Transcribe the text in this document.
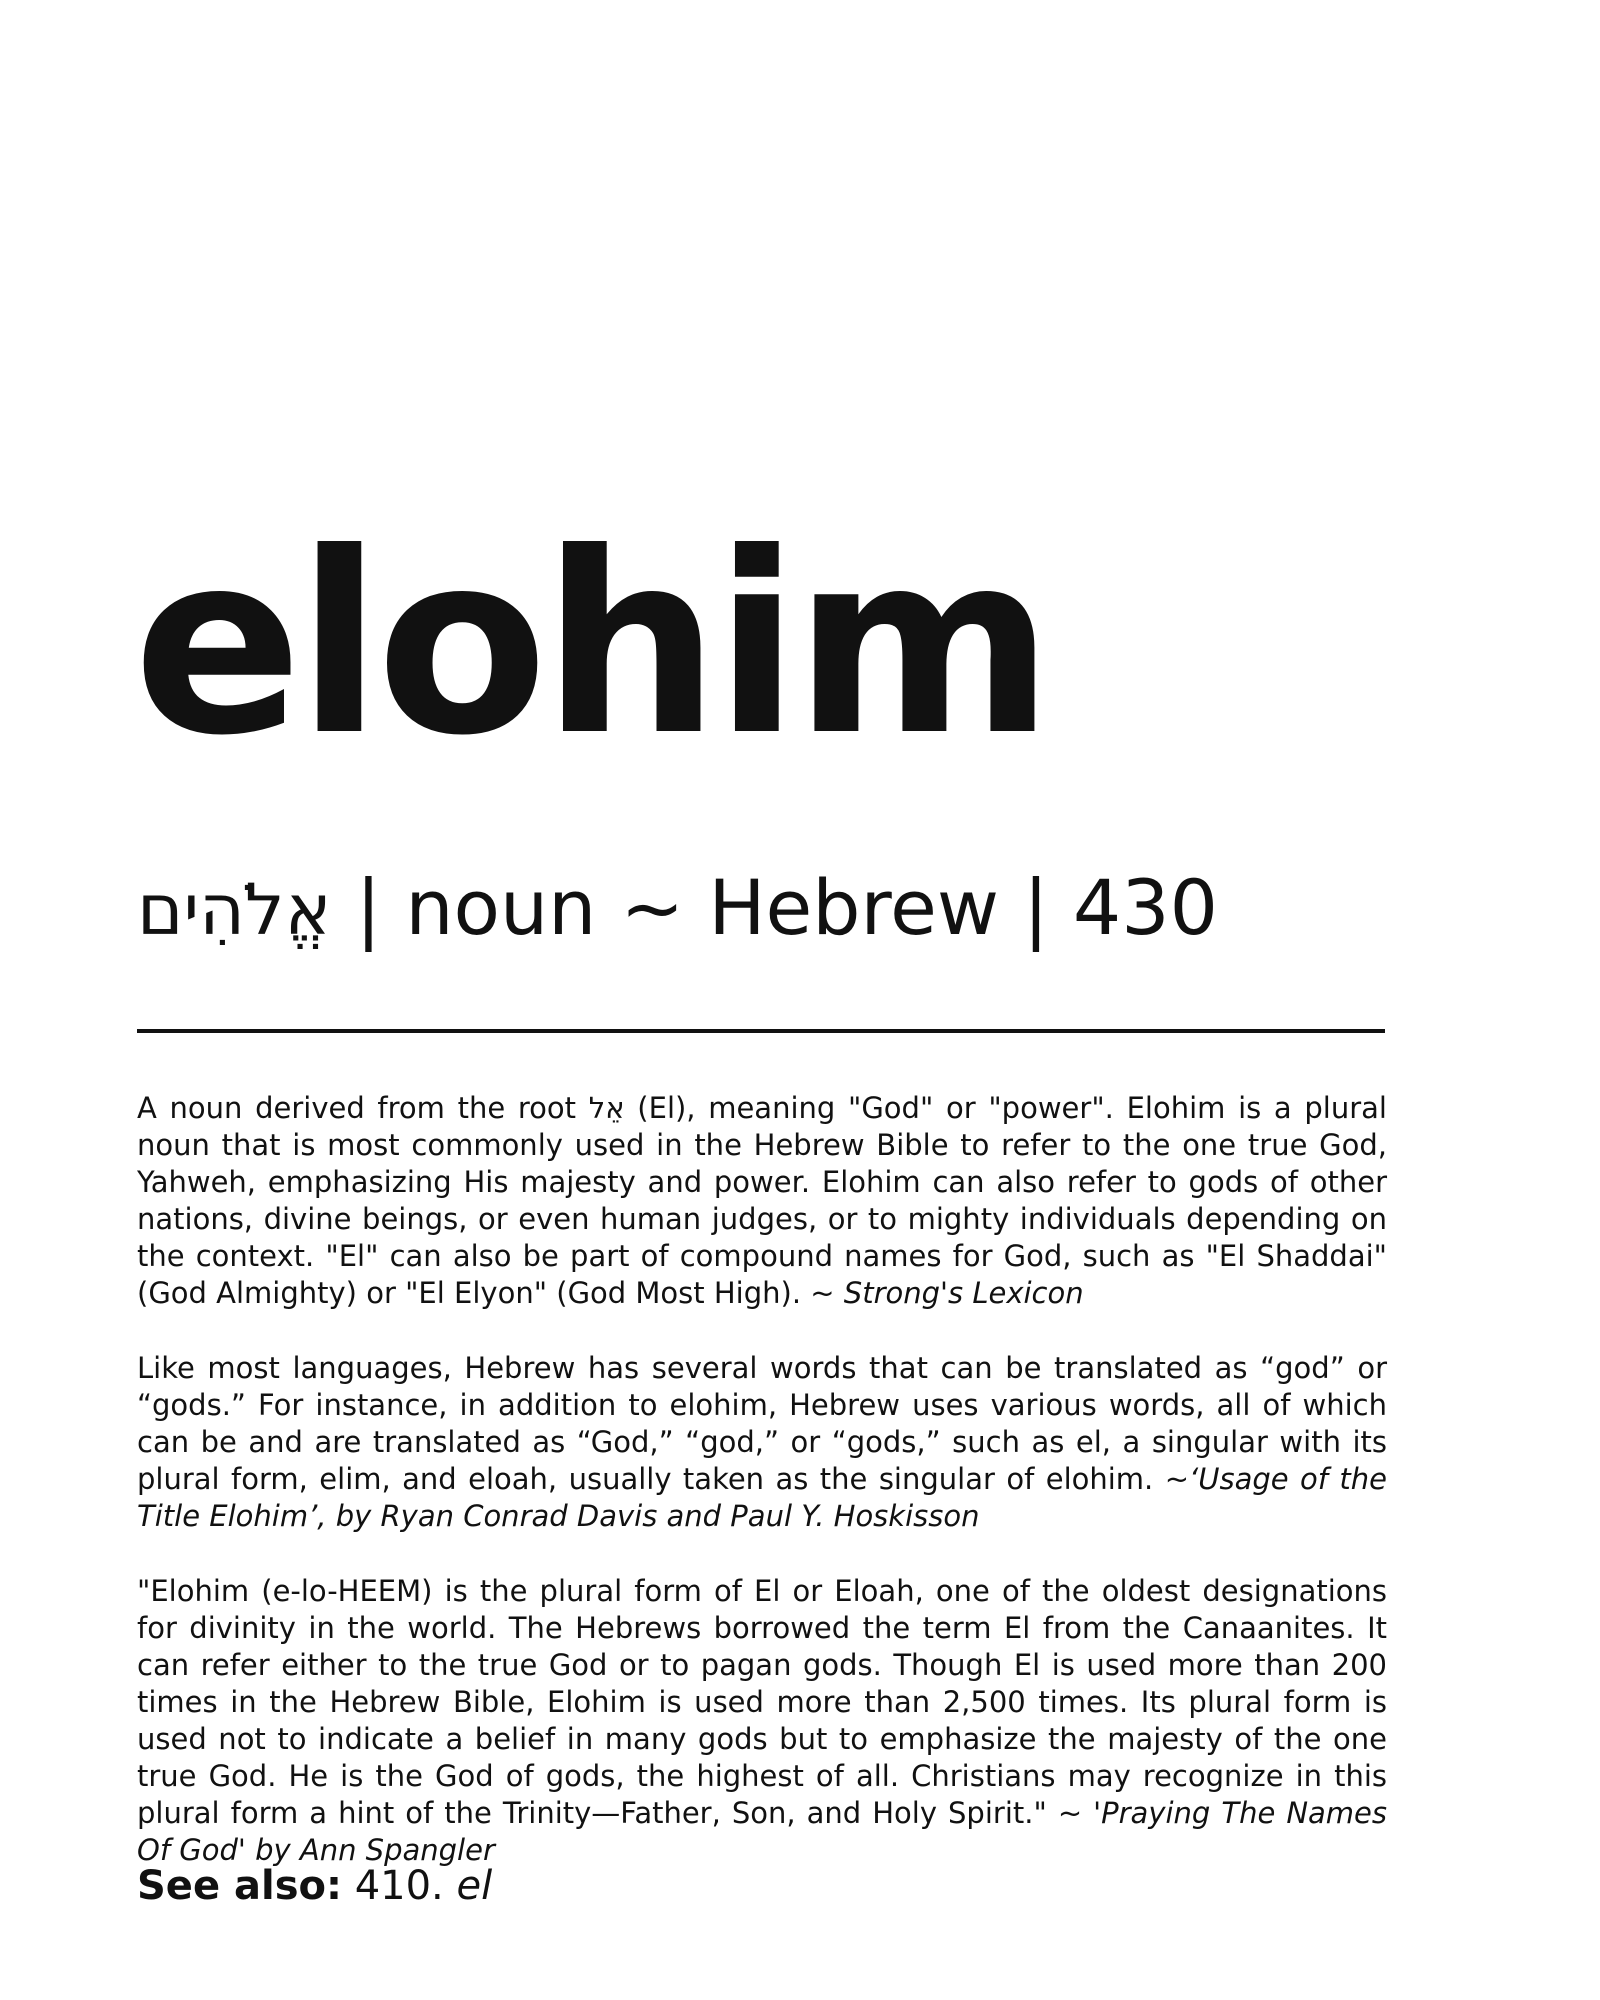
elohim
אֱלֹהִים | noun ~ Hebrew | 430

A noun derived from the root אֵל (El), meaning "God" or "power". Elohim is a plural noun that is most commonly used in the Hebrew Bible to refer to the one true God, Yahweh, emphasizing His majesty and power. Elohim can also refer to gods of other nations, divine beings, or even human judges, or to mighty individuals depending on the context. "El" can also be part of compound names for God, such as "El Shaddai" (God Almighty) or "El Elyon" (God Most High). ~ Strong's Lexicon

Like most languages, Hebrew has several words that can be translated as “god” or “gods.” For instance, in addition to elohim, Hebrew uses various words, all of which can be and are translated as “God,” “god,” or “gods,” such as el, a singular with its plural form, elim, and eloah, usually taken as the singular of elohim. ~‘Usage of the Title Elohim’, by Ryan Conrad Davis and Paul Y. Hoskisson

"Elohim (e-lo-HEEM) is the plural form of El or Eloah, one of the oldest designations for divinity in the world. The Hebrews borrowed the term El from the Canaanites. It can refer either to the true God or to pagan gods. Though El is used more than 200 times in the Hebrew Bible, Elohim is used more than 2,500 times. Its plural form is used not to indicate a belief in many gods but to emphasize the majesty of the one true God. He is the God of gods, the highest of all. Christians may recognize in this plural form a hint of the Trinity—Father, Son, and Holy Spirit." ~ 'Praying The Names Of God' by Ann Spangler

See also: 410. el
